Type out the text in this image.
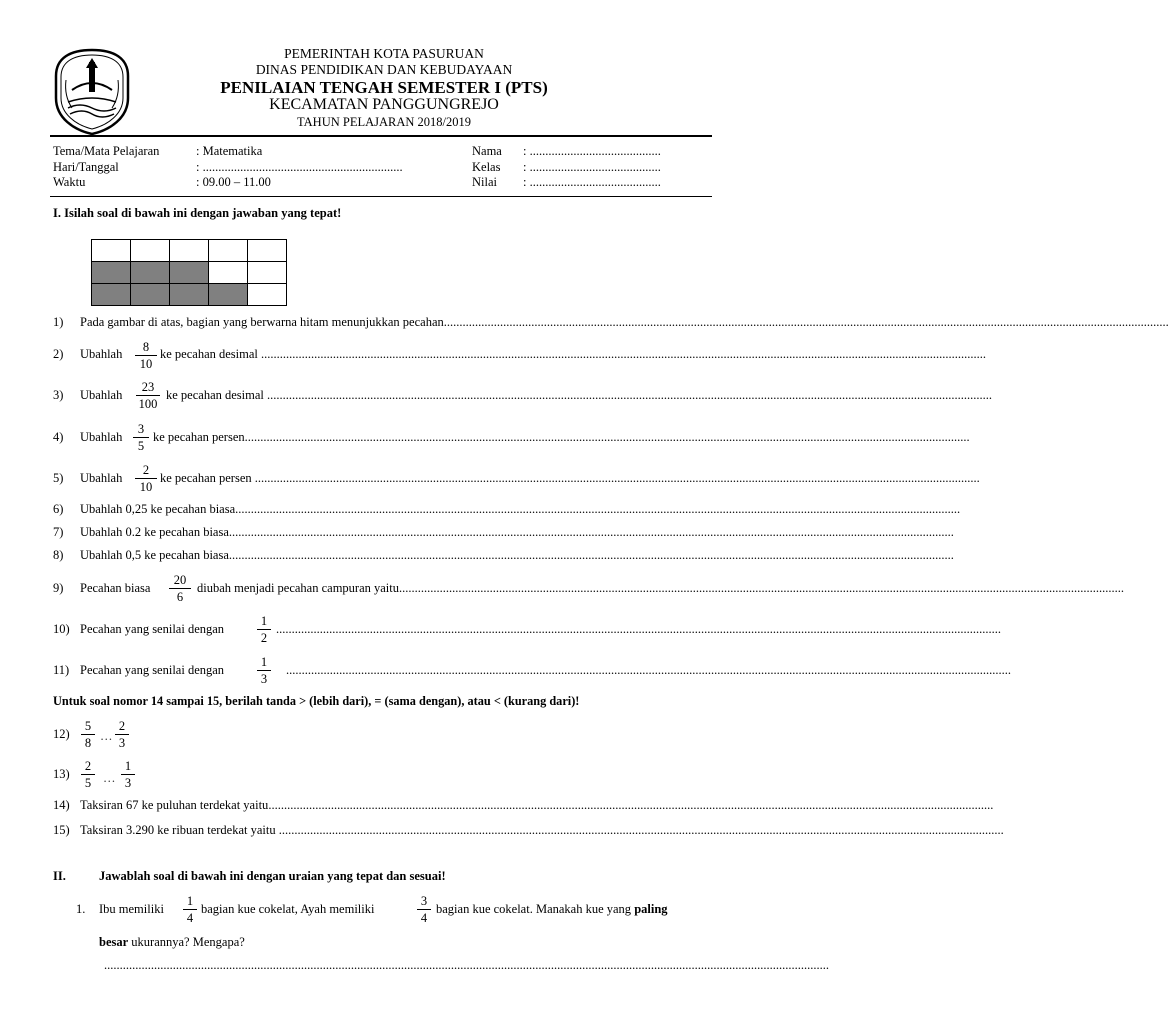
PEMERINTAH KOTA PASURUAN
DINAS PENDIDIKAN DAN KEBUDAYAAN
PENILAIAN TENGAH SEMESTER I (PTS)
KECAMATAN PANGGUNGREJO
TAHUN PELAJARAN 2018/2019
Tema/Mata Pelajaran	: Matematika
Hari/Tanggal	: ................................................................
Waktu	: 09.00 – 11.00
Nama : ..........................................
Kelas : ..........................................
Nilai : ..........................................
I. Isilah soal di bawah ini dengan jawaban yang tepat!

1) Pada gambar di atas, bagian yang berwarna hitam menunjukkan pecahan........................................................................................................................................................................................................................................
2) Ubahlah	8
10
ke pecahan desimal ........................................................................................................................................................................................................................................
3) Ubahlah
23
100
ke pecahan desimal ........................................................................................................................................................................................................................................
4) Ubahlah
3
5
ke pecahan persen........................................................................................................................................................................................................................................
5) Ubahlah
2
10
ke pecahan persen ........................................................................................................................................................................................................................................
6) Ubahlah 0,25 ke pecahan biasa........................................................................................................................................................................................................................................
7) Ubahlah 0.2 ke pecahan biasa........................................................................................................................................................................................................................................
8) Ubahlah 0,5 ke pecahan biasa........................................................................................................................................................................................................................................
9) Pecahan biasa
20
6
diubah menjadi pecahan campuran yaitu........................................................................................................................................................................................................................................
10) Pecahan yang senilai dengan
1
2
........................................................................................................................................................................................................................................
11) Pecahan yang senilai dengan
1
3
........................................................................................................................................................................................................................................
Untuk soal nomor 14 sampai 15, berilah tanda > (lebih dari), = (sama dengan), atau < (kurang dari)!
12)
5
8 …
2
3
13)
2
5 …
1
3
14) Taksiran 67 ke puluhan terdekat yaitu........................................................................................................................................................................................................................................
15) Taksiran 3.290 ke ribuan terdekat yaitu ........................................................................................................................................................................................................................................
II.	Jawablah soal di bawah ini dengan uraian yang tepat dan sesuai!
1. Ibu memiliki
1
4
bagian kue cokelat, Ayah memiliki
3
4
bagian kue cokelat. Manakah kue yang paling
besar ukurannya? Mengapa?
........................................................................................................................................................................................................................................
